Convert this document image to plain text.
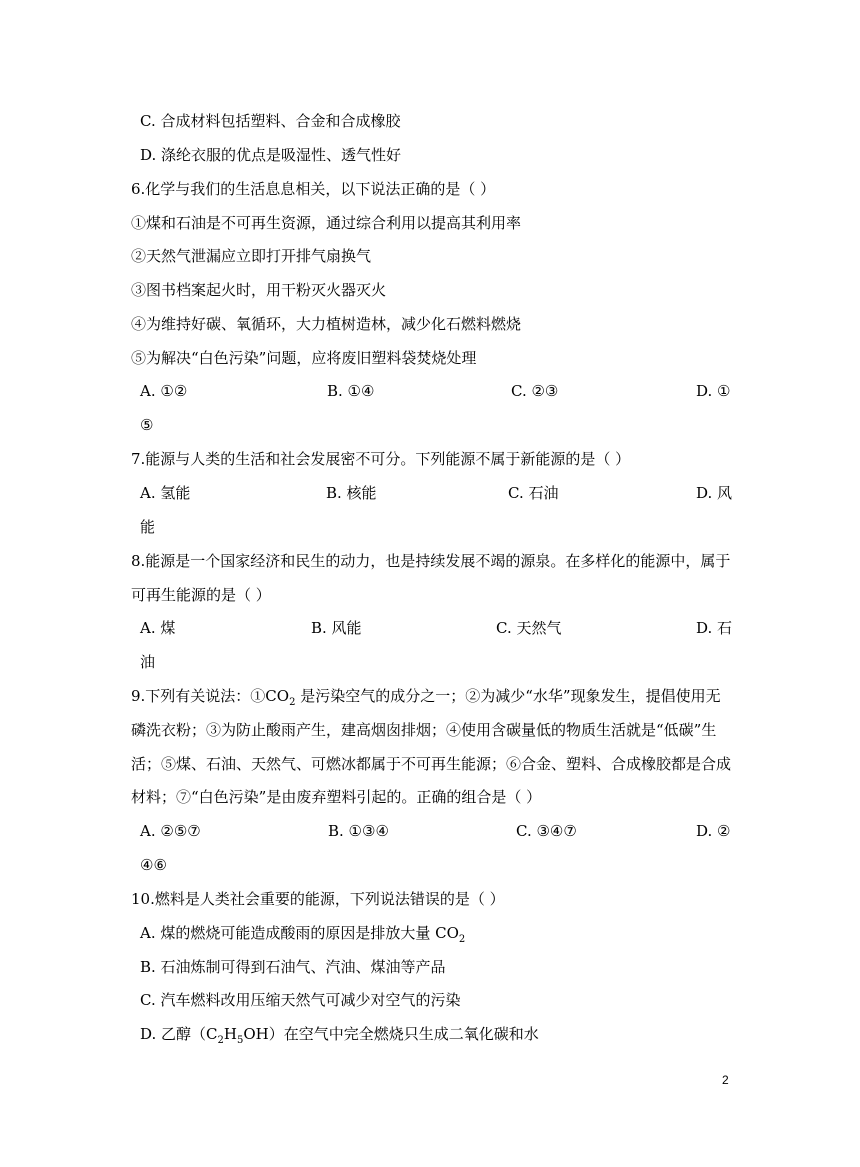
C. 合成材料包括塑料、合金和合成橡胶
D. 涤纶衣服的优点是吸湿性、透气性好
6.化学与我们的生活息息相关，以下说法正确的是（ ）
①煤和石油是不可再生资源，通过综合利用以提高其利用率
②天然气泄漏应立即打开排气扇换气
③图书档案起火时，用干粉灭火器灭火
④为维持好碳、氧循环，大力植树造林，减少化石燃料燃烧
⑤为解决“白色污染”问题，应将废旧塑料袋焚烧处理
A. ①②	B. ①④	C. ②③	D. ①
⑤
7.能源与人类的生活和社会发展密不可分。下列能源不属于新能源的是（ ）
A. 氢能	B. 核能	C. 石油	D. 风
能
8.能源是一个国家经济和民生的动力，也是持续发展不竭的源泉。在多样化的能源中，属于
可再生能源的是（ ）
A. 煤	B. 风能	C. 天然气	D. 石
油
9.下列有关说法：$①CO_2$ 是污染空气的成分之一；②为减少“水华”现象发生，提倡使用无
磷洗衣粉；③为防止酸雨产生，建高烟囱排烟；④使用含碳量低的物质生活就是“低碳”生
活；⑤煤、石油、天然气、可燃冰都属于不可再生能源；⑥合金、塑料、合成橡胶都是合成
材料；⑦“白色污染”是由废弃塑料引起的。正确的组合是（ ）
A. ②⑤⑦	B. ①③④	C. ③④⑦	D. ②
④⑥
10.燃料是人类社会重要的能源，下列说法错误的是（ ）
A. 煤的燃烧可能造成酸雨的原因是排放大量 $CO_2$
B. 石油炼制可得到石油气、汽油、煤油等产品
C. 汽车燃料改用压缩天然气可减少对空气的污染
D. 乙醇$(C_2H_5OH)$在空气中完全燃烧只生成二氧化碳和水
2
